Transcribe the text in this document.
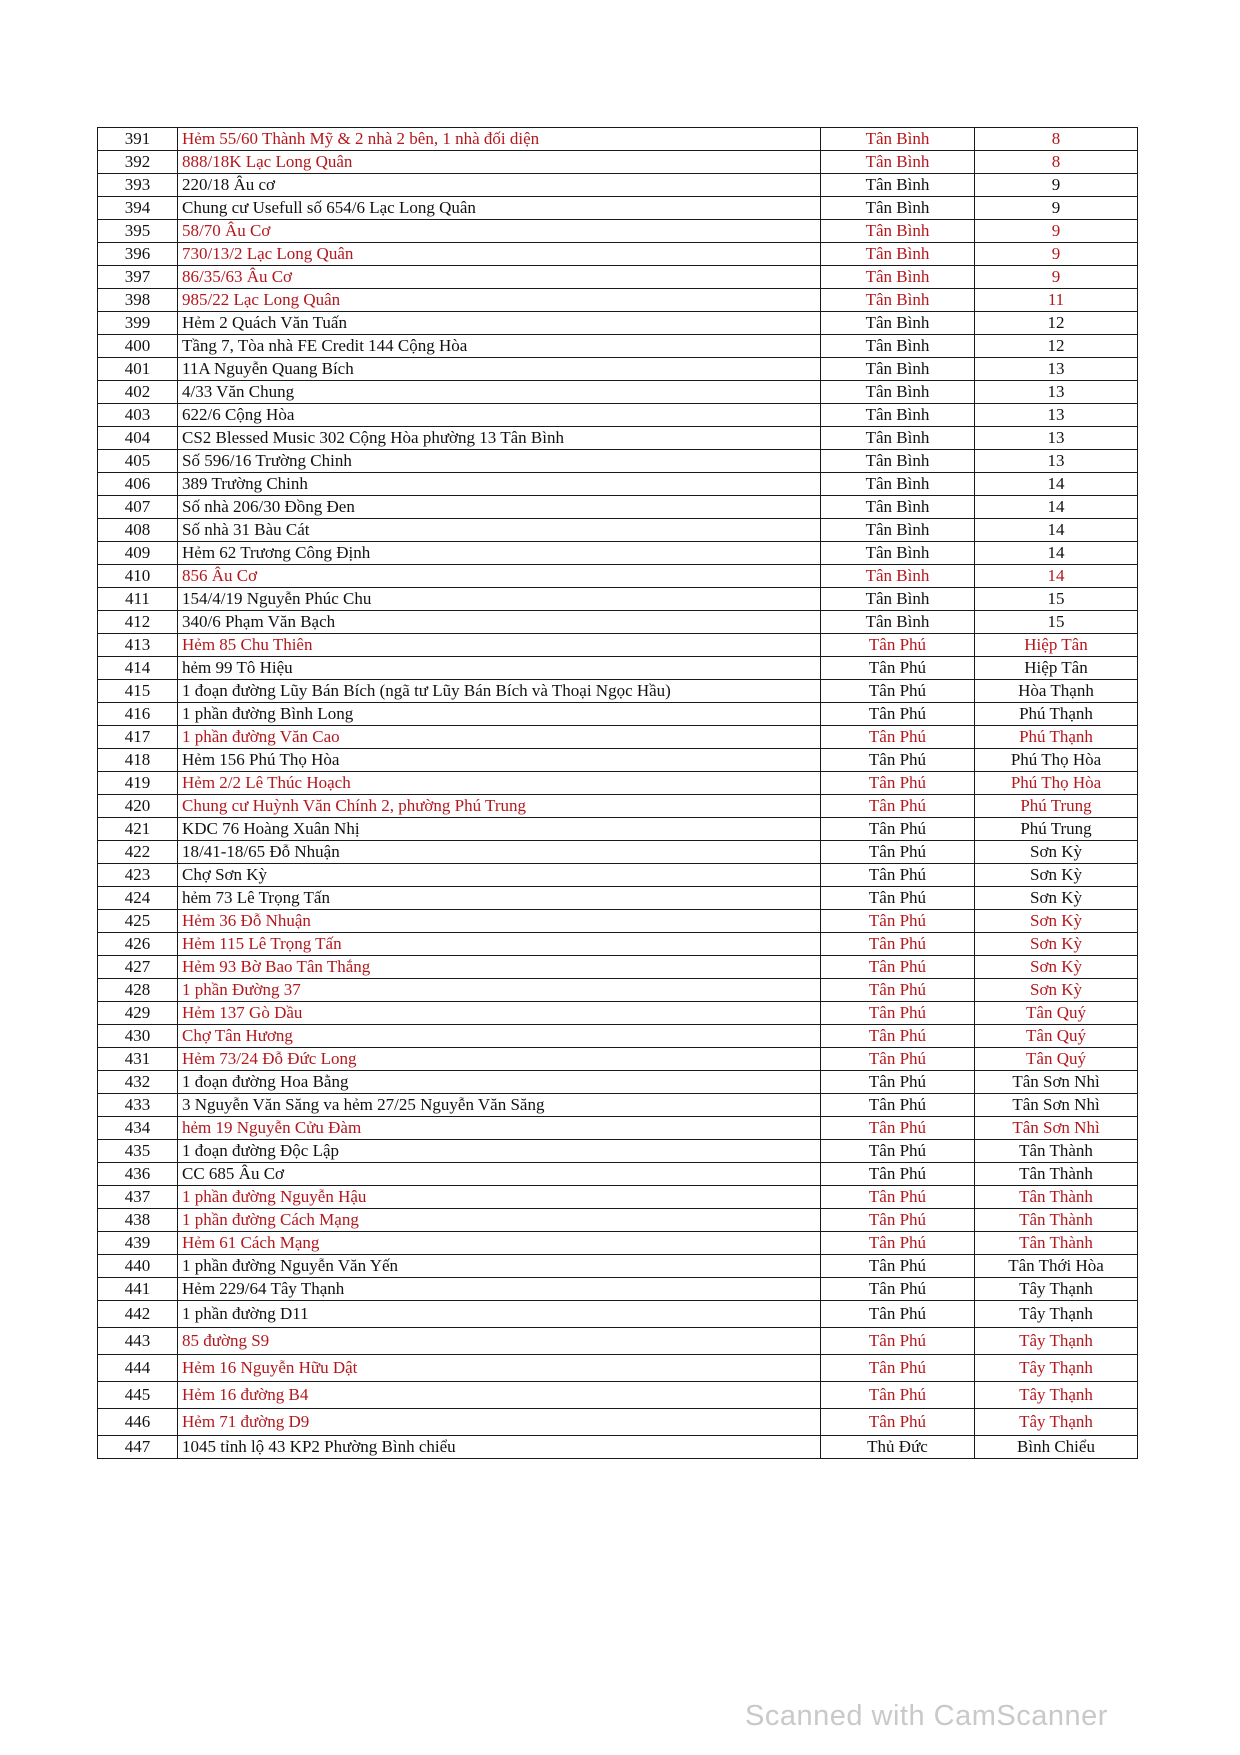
391	Hẻm 55/60 Thành Mỹ & 2 nhà 2 bên, 1 nhà đối diện	Tân Bình	8
392	888/18K Lạc Long Quân	Tân Bình	8
393	220/18 Âu cơ	Tân Bình	9
394	Chung cư Usefull số 654/6 Lạc Long Quân	Tân Bình	9
395	58/70 Âu Cơ	Tân Bình	9
396	730/13/2 Lạc Long Quân	Tân Bình	9
397	86/35/63 Âu Cơ	Tân Bình	9
398	985/22 Lạc Long Quân	Tân Bình	11
399	Hẻm 2 Quách Văn Tuấn	Tân Bình	12
400	Tầng 7, Tòa nhà FE Credit 144 Cộng Hòa	Tân Bình	12
401	11A Nguyễn Quang Bích	Tân Bình	13
402	4/33 Văn Chung	Tân Bình	13
403	622/6 Cộng Hòa	Tân Bình	13
404	CS2 Blessed Music 302 Cộng Hòa phường 13 Tân Bình	Tân Bình	13
405	Số 596/16 Trường Chinh	Tân Bình	13
406	389 Trường Chinh	Tân Bình	14
407	Số nhà 206/30 Đồng Đen	Tân Bình	14
408	Số nhà 31 Bàu Cát	Tân Bình	14
409	Hẻm 62 Trương Công Định	Tân Bình	14
410	856 Âu Cơ	Tân Bình	14
411	154/4/19 Nguyễn Phúc Chu	Tân Bình	15
412	340/6 Phạm Văn Bạch	Tân Bình	15
413	Hẻm 85 Chu Thiên	Tân Phú	Hiệp Tân
414	hẻm 99 Tô Hiệu	Tân Phú	Hiệp Tân
415	1 đoạn đường Lũy Bán Bích (ngã tư Lũy Bán Bích và Thoại Ngọc Hầu)	Tân Phú	Hòa Thạnh
416	1 phần đường Bình Long	Tân Phú	Phú Thạnh
417	1 phần đường Văn Cao	Tân Phú	Phú Thạnh
418	Hẻm 156 Phú Thọ Hòa	Tân Phú	Phú Thọ Hòa
419	Hẻm 2/2 Lê Thúc Hoạch	Tân Phú	Phú Thọ Hòa
420	Chung cư Huỳnh Văn Chính 2, phường Phú Trung	Tân Phú	Phú Trung
421	KDC 76 Hoàng Xuân Nhị	Tân Phú	Phú Trung
422	18/41-18/65 Đỗ Nhuận	Tân Phú	Sơn Kỳ
423	Chợ Sơn Kỳ	Tân Phú	Sơn Kỳ
424	hẻm 73 Lê Trọng Tấn	Tân Phú	Sơn Kỳ
425	Hẻm 36 Đỗ Nhuận	Tân Phú	Sơn Kỳ
426	Hẻm 115 Lê Trọng Tấn	Tân Phú	Sơn Kỳ
427	Hẻm 93 Bờ Bao Tân Thắng	Tân Phú	Sơn Kỳ
428	1 phần Đường 37	Tân Phú	Sơn Kỳ
429	Hẻm 137 Gò Dầu	Tân Phú	Tân Quý
430	Chợ Tân Hương	Tân Phú	Tân Quý
431	Hẻm 73/24 Đỗ Đức Long	Tân Phú	Tân Quý
432	1 đoạn đường Hoa Bằng	Tân Phú	Tân Sơn Nhì
433	3 Nguyễn Văn Săng va hẻm 27/25 Nguyễn Văn Săng	Tân Phú	Tân Sơn Nhì
434	hẻm 19 Nguyễn Cửu Đàm	Tân Phú	Tân Sơn Nhì
435	1 đoạn đường Độc Lập	Tân Phú	Tân Thành
436	CC 685 Âu Cơ	Tân Phú	Tân Thành
437	1 phần đường Nguyễn Hậu	Tân Phú	Tân Thành
438	1 phần đường Cách Mạng	Tân Phú	Tân Thành
439	Hẻm 61 Cách Mạng	Tân Phú	Tân Thành
440	1 phần đường Nguyễn Văn Yến	Tân Phú	Tân Thới Hòa
441	Hẻm 229/64 Tây Thạnh	Tân Phú	Tây Thạnh
442	1 phần đường D11	Tân Phú	Tây Thạnh
443	85 đường S9	Tân Phú	Tây Thạnh
444	Hẻm 16 Nguyễn Hữu Dật	Tân Phú	Tây Thạnh
445	Hẻm 16 đường B4	Tân Phú	Tây Thạnh
446	Hẻm 71 đường D9	Tân Phú	Tây Thạnh
447	1045 tỉnh lộ 43 KP2 Phường Bình chiểu	Thủ Đức	Bình Chiểu
Scanned with CamScanner
